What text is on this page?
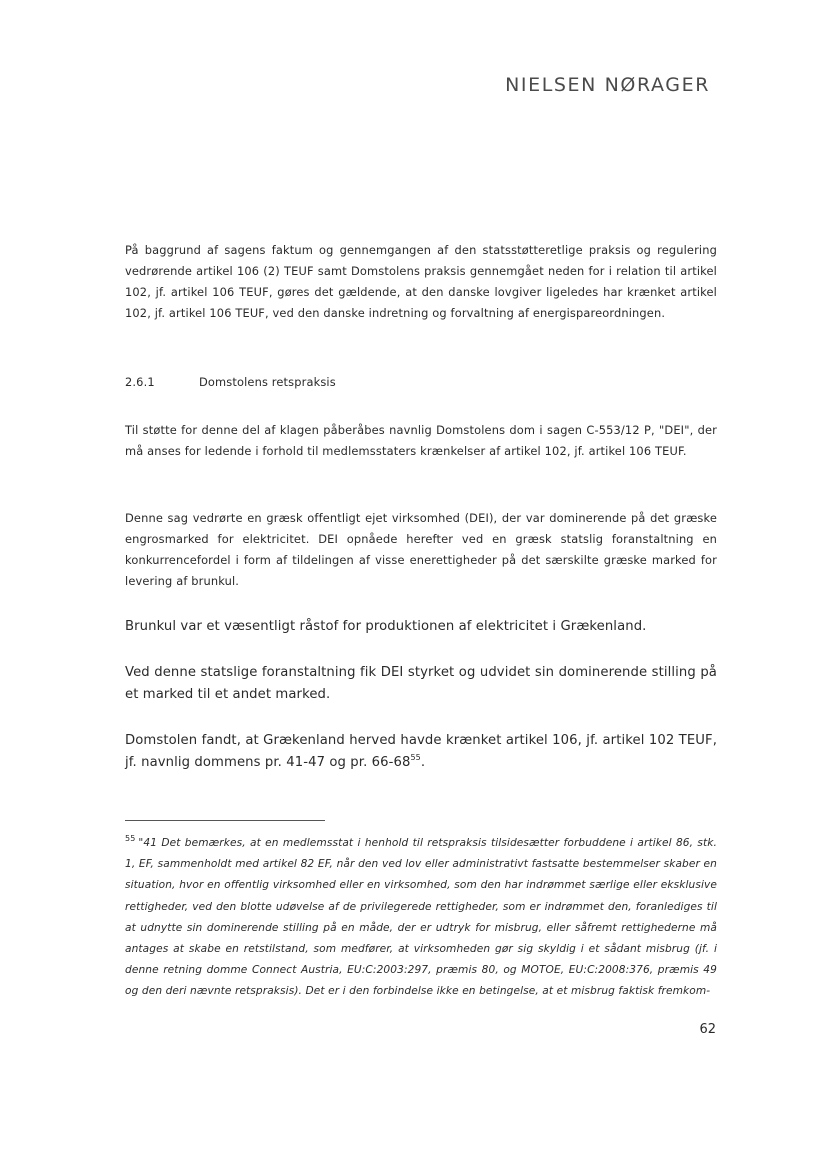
NIELSEN NØRAGER

På baggrund af sagens faktum og gennemgangen af den statsstøtteretlige praksis og regulering vedrørende artikel 106 (2) TEUF samt Domstolens praksis gennemgået neden for i relation til artikel 102, jf. artikel 106 TEUF, gøres det gældende, at den danske lovgiver ligeledes har krænket artikel 102, jf. artikel 106 TEUF, ved den danske indretning og forvaltning af energispareordningen.

2.6.1	Domstolens retspraksis

Til støtte for denne del af klagen påberåbes navnlig Domstolens dom i sagen C-553/12 P, "DEI", der må anses for ledende i forhold til medlemsstaters krænkelser af artikel 102, jf. artikel 106 TEUF.

Denne sag vedrørte en græsk offentligt ejet virksomhed (DEI), der var dominerende på det græske engrosmarked for elektricitet. DEI opnåede herefter ved en græsk statslig foranstaltning en konkurrencefordel i form af tildelingen af visse enerettigheder på det særskilte græske marked for levering af brunkul.

Brunkul var et væsentligt råstof for produktionen af elektricitet i Grækenland.

Ved denne statslige foranstaltning fik DEI styrket og udvidet sin dominerende stilling på et marked til et andet marked.

Domstolen fandt, at Grækenland herved havde krænket artikel 106, jf. artikel 102 TEUF, jf. navnlig dommens pr. 41-47 og pr. $66-68^{55}$.

$^{55}$ "41 Det bemærkes, at en medlemsstat i henhold til retspraksis tilsidesætter forbuddene i artikel 86, stk. 1, EF, sammenholdt med artikel 82 EF, når den ved lov eller administrativt fastsatte bestemmelser skaber en situation, hvor en offentlig virksomhed eller en virksomhed, som den har indrømmet særlige eller eksklusive rettigheder, ved den blotte udøvelse af de privilegerede rettigheder, som er indrømmet den, foranlediges til at udnytte sin dominerende stilling på en måde, der er udtryk for misbrug, eller såfremt rettighederne må antages at skabe en retstilstand, som medfører, at virksomheden gør sig skyldig i et sådant misbrug (jf. i denne retning domme Connect Austria, EU:C:2003:297, præmis 80, og MOTOE, EU:C:2008:376, præmis 49 og den deri nævnte retspraksis). Det er i den forbindelse ikke en betingelse, at et misbrug faktisk fremkom-

62
